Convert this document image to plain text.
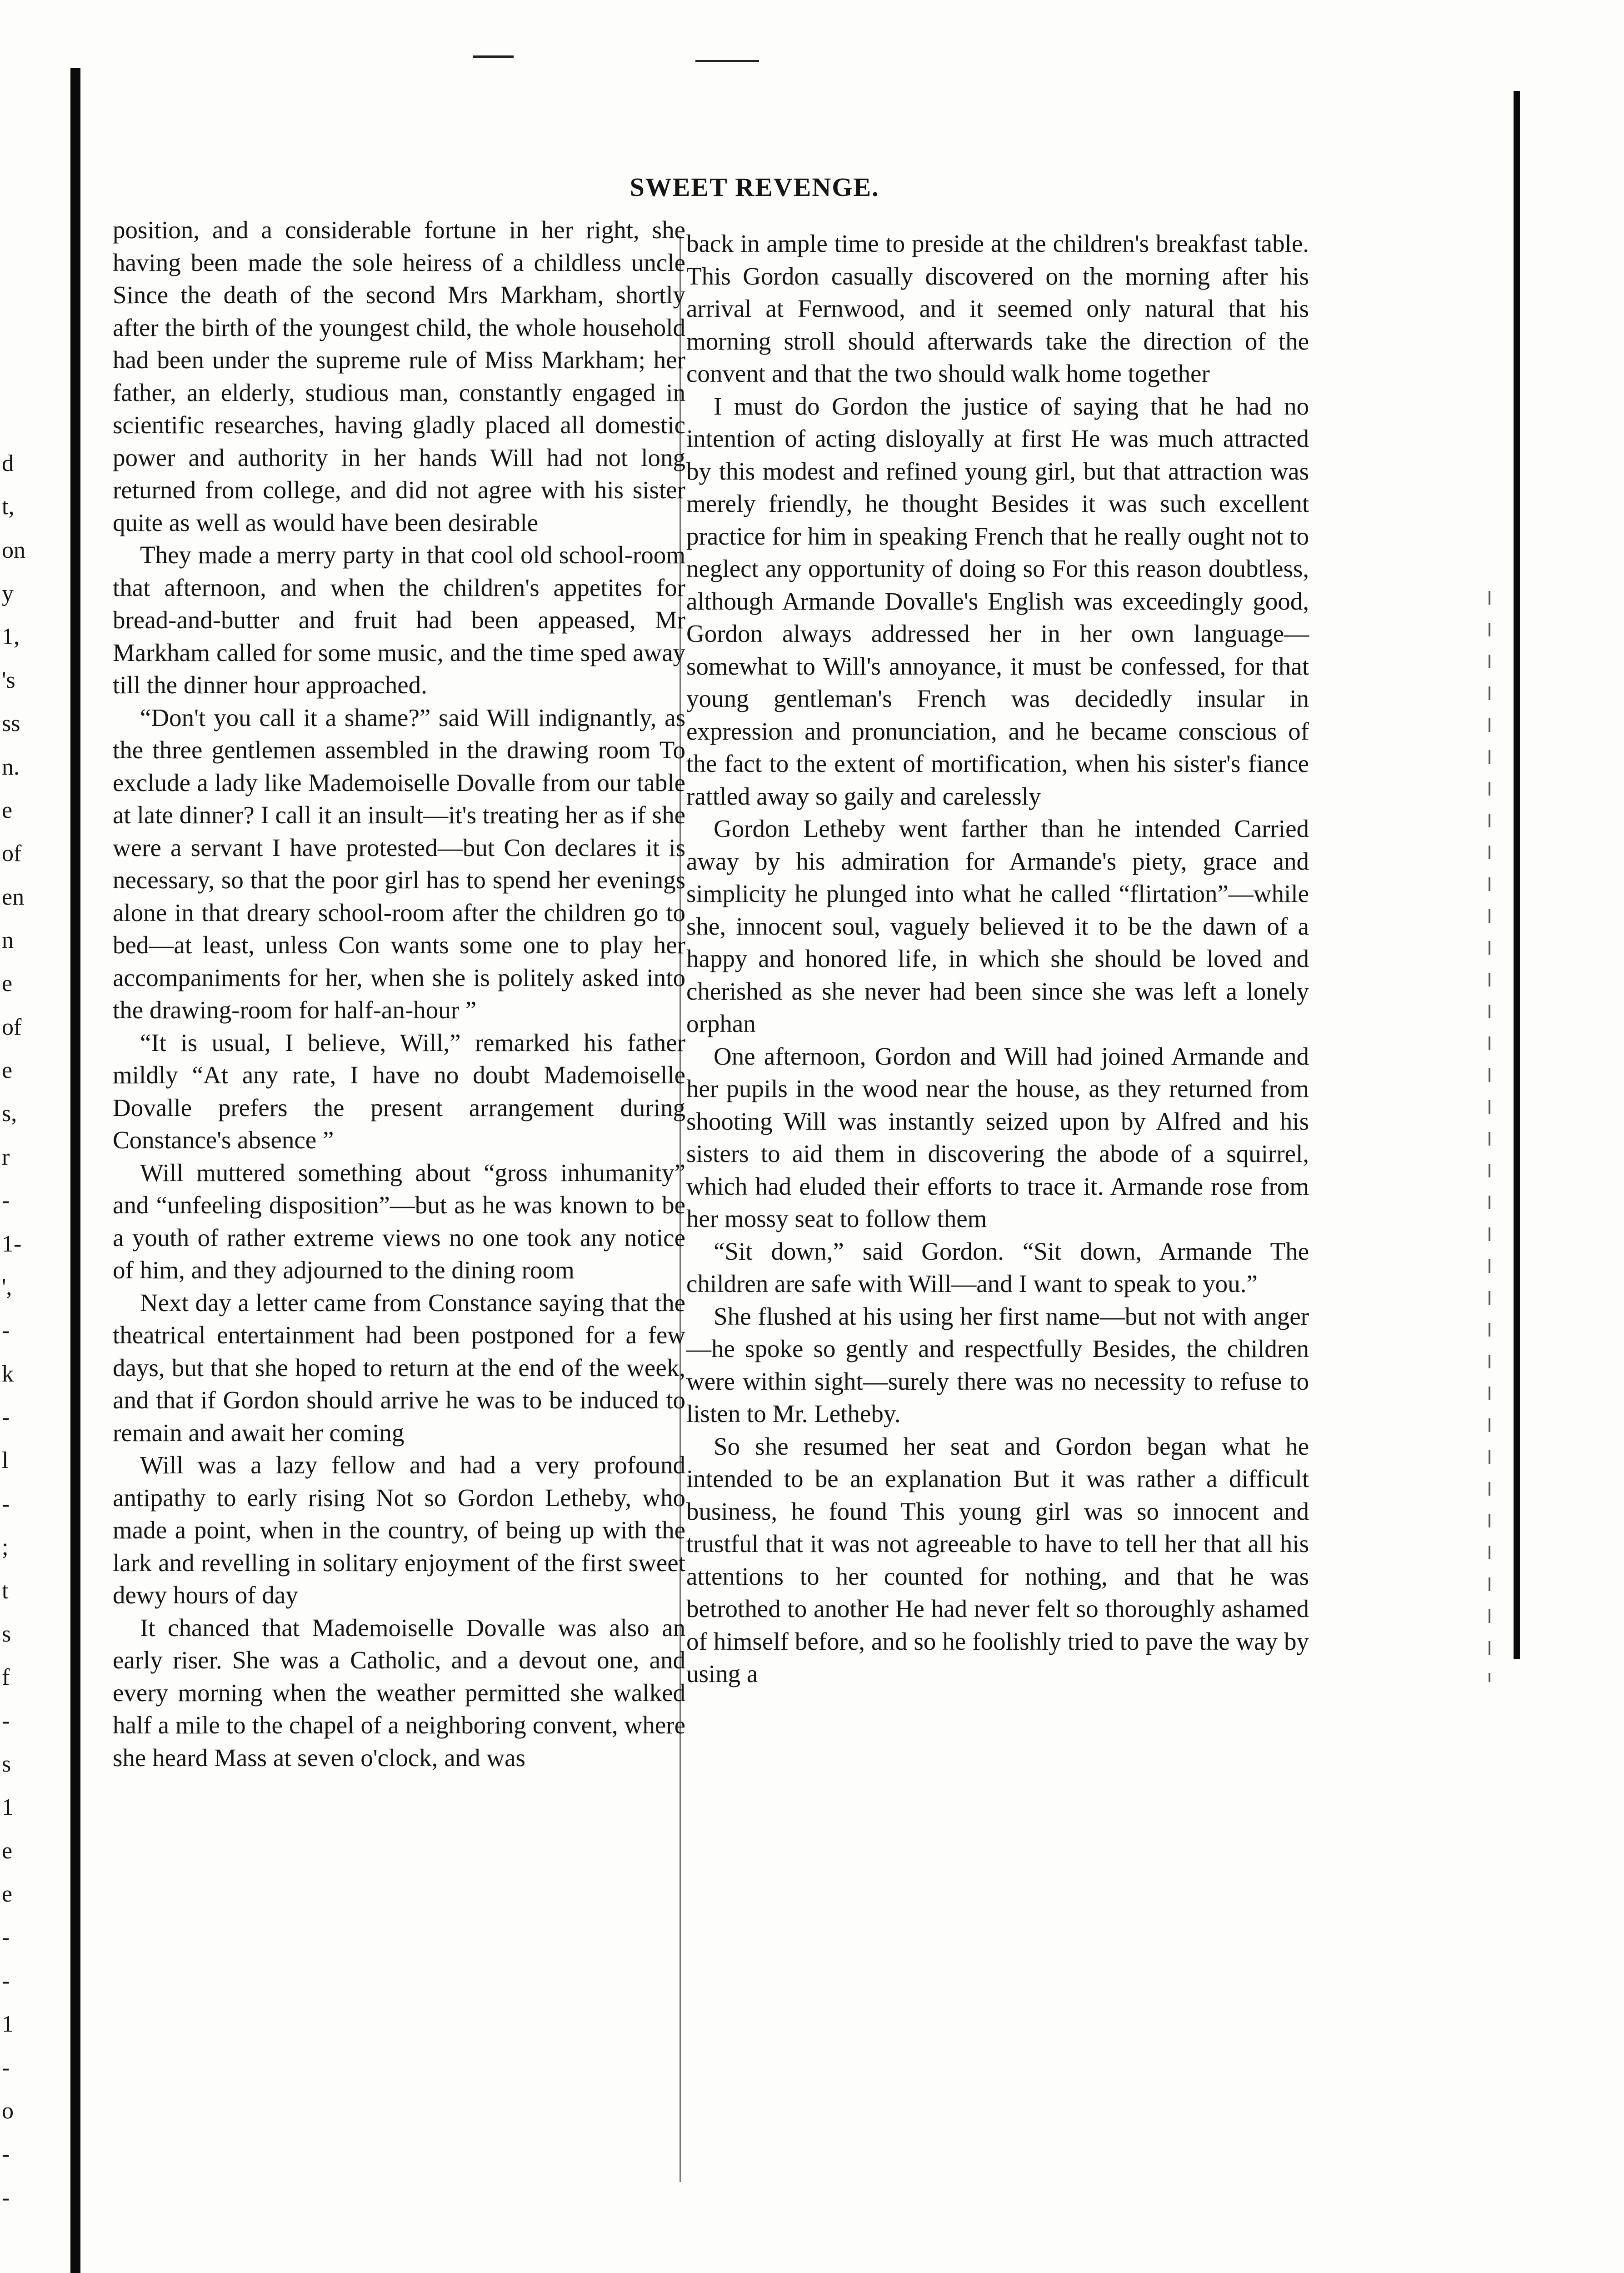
d
t,
on
y
1,
's
ss
n.
e
of
en
n
e
of
e
s,
r
-
1-
',
-
k
-
l
-
;
t
s
f
-
s
1
e
e
-
-
1
-
o
-
-
SWEET REVENGE.

position, and a considerable fortune in her right, she having been made the sole heiress of a childless uncle Since the death of the second Mrs Markham, shortly after the birth of the youngest child, the whole household had been under the supreme rule of Miss Markham; her father, an elderly, studious man, constantly engaged in scientific researches, having gladly placed all domestic power and authority in her hands Will had not long returned from college, and did not agree with his sister quite as well as would have been desirable

They made a merry party in that cool old school-room that afternoon, and when the children's appetites for bread-and-butter and fruit had been appeased, Mr Markham called for some music, and the time sped away till the dinner hour approached.

“Don't you call it a shame?” said Will indignantly, as the three gentlemen assembled in the drawing room To exclude a lady like Mademoiselle Dovalle from our table at late dinner? I call it an insult—it's treating her as if she were a servant I have protested—but Con declares it is necessary, so that the poor girl has to spend her evenings alone in that dreary school-room after the children go to bed—at least, unless Con wants some one to play her accompaniments for her, when she is politely asked into the drawing-room for half-an-hour ”

“It is usual, I believe, Will,” remarked his father mildly “At any rate, I have no doubt Mademoiselle Dovalle prefers the present arrangement during Constance's absence ”

Will muttered something about “gross inhumanity” and “unfeeling disposition”—but as he was known to be a youth of rather extreme views no one took any notice of him, and they adjourned to the dining room

Next day a letter came from Constance saying that the theatrical entertainment had been postponed for a few days, but that she hoped to return at the end of the week, and that if Gordon should arrive he was to be induced to remain and await her coming

Will was a lazy fellow and had a very profound antipathy to early rising Not so Gordon Letheby, who made a point, when in the country, of being up with the lark and revelling in solitary enjoyment of the first sweet dewy hours of day

It chanced that Mademoiselle Dovalle was also an early riser. She was a Catholic, and a devout one, and every morning when the weather permitted she walked half a mile to the chapel of a neighboring convent, where she heard Mass at seven o'clock, and was

back in ample time to preside at the children's breakfast table. This Gordon casually discovered on the morning after his arrival at Fernwood, and it seemed only natural that his morning stroll should afterwards take the direction of the convent and that the two should walk home together

I must do Gordon the justice of saying that he had no intention of acting disloyally at first He was much attracted by this modest and refined young girl, but that attraction was merely friendly, he thought Besides it was such excellent practice for him in speaking French that he really ought not to neglect any opportunity of doing so For this reason doubtless, although Armande Dovalle's English was exceedingly good, Gordon always addressed her in her own language—somewhat to Will's annoyance, it must be confessed, for that young gentleman's French was decidedly insular in expression and pronunciation, and he became conscious of the fact to the extent of mortification, when his sister's fiance rattled away so gaily and carelessly

Gordon Letheby went farther than he intended Carried away by his admiration for Armande's piety, grace and simplicity he plunged into what he called “flirtation”—while she, innocent soul, vaguely believed it to be the dawn of a happy and honored life, in which she should be loved and cherished as she never had been since she was left a lonely orphan

One afternoon, Gordon and Will had joined Armande and her pupils in the wood near the house, as they returned from shooting Will was instantly seized upon by Alfred and his sisters to aid them in discovering the abode of a squirrel, which had eluded their efforts to trace it. Armande rose from her mossy seat to follow them

“Sit down,” said Gordon. “Sit down, Armande The children are safe with Will—and I want to speak to you.”

She flushed at his using her first name—but not with anger—he spoke so gently and respectfully Besides, the children were within sight—surely there was no necessity to refuse to listen to Mr. Letheby.

So she resumed her seat and Gordon began what he intended to be an explanation But it was rather a difficult business, he found This young girl was so innocent and trustful that it was not agreeable to have to tell her that all his attentions to her counted for nothing, and that he was betrothed to another He had never felt so thoroughly ashamed of himself before, and so he foolishly tried to pave the way by using a
